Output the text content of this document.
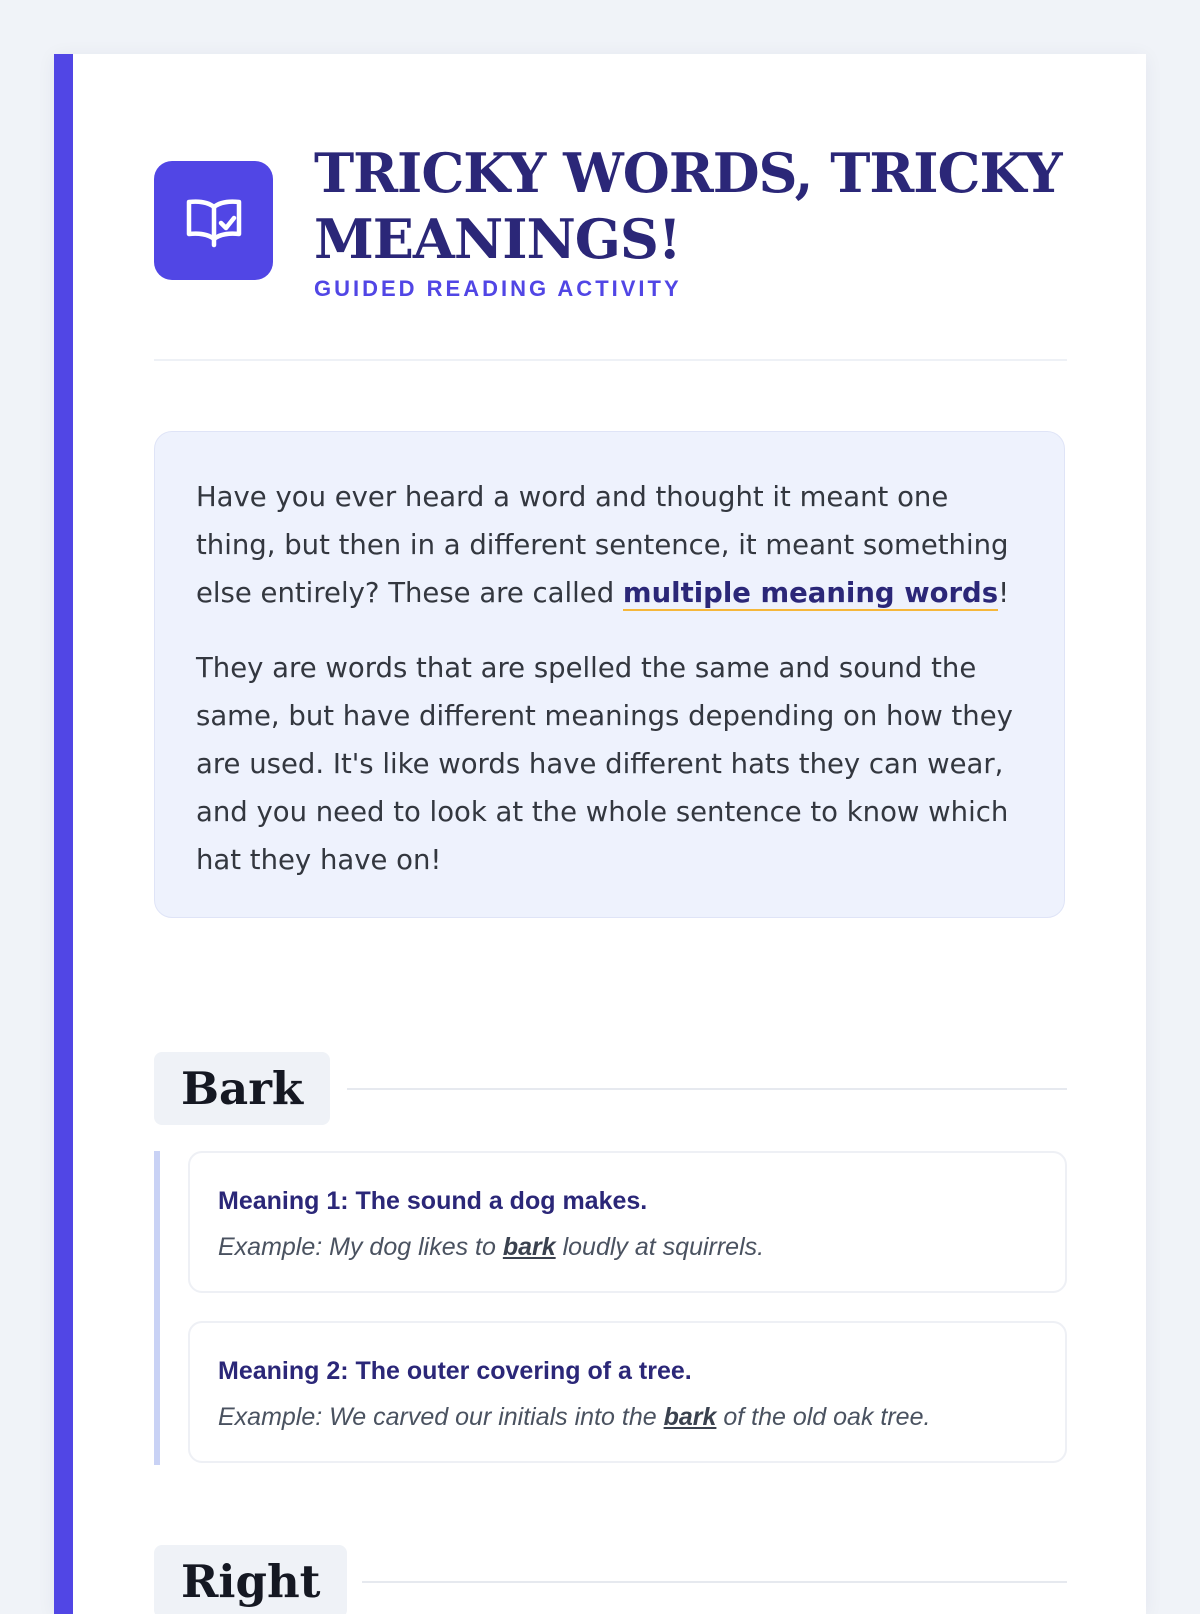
TRICKY WORDS, TRICKY MEANINGS!
GUIDED READING ACTIVITY

Have you ever heard a word and thought it meant one thing, but then in a different sentence, it meant something else entirely? These are called multiple meaning words!

They are words that are spelled the same and sound the same, but have different meanings depending on how they are used. It's like words have different hats they can wear, and you need to look at the whole sentence to know which hat they have on!

Bark
Meaning 1: The sound a dog makes.
Example: My dog likes to bark loudly at squirrels.
Meaning 2: The outer covering of a tree.
Example: We carved our initials into the bark of the old oak tree.
Right
